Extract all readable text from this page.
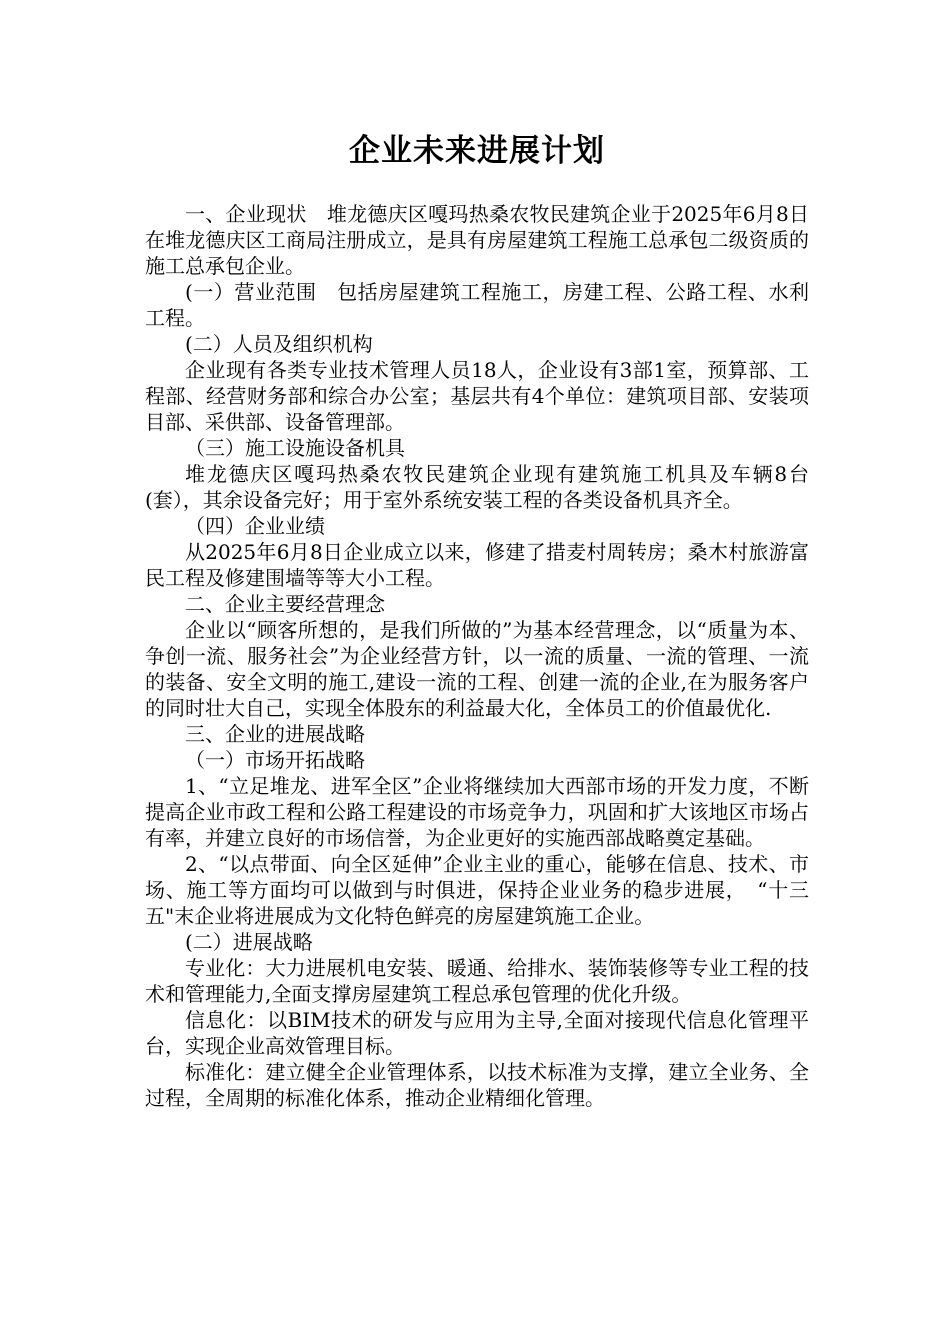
企业未来进展计划

一、企业现状　堆龙德庆区嘎玛热桑农牧民建筑企业于2025年6月8日在堆龙德庆区工商局注册成立，是具有房屋建筑工程施工总承包二级资质的施工总承包企业。

(一）营业范围　包括房屋建筑工程施工，房建工程、公路工程、水利工程。

(二）人员及组织机构

企业现有各类专业技术管理人员18人，企业设有3部1室，预算部、工程部、经营财务部和综合办公室；基层共有4个单位：建筑项目部、安装项目部、采供部、设备管理部。

（三）施工设施设备机具

堆龙德庆区嘎玛热桑农牧民建筑企业现有建筑施工机具及车辆8台(套），其余设备完好；用于室外系统安装工程的各类设备机具齐全。

（四）企业业绩

从2025年6月8日企业成立以来，修建了措麦村周转房；桑木村旅游富民工程及修建围墙等等大小工程。

二、企业主要经营理念

企业以“顾客所想的，是我们所做的”为基本经营理念，以“质量为本、争创一流、服务社会”为企业经营方针，以一流的质量、一流的管理、一流的装备、安全文明的施工,建设一流的工程、创建一流的企业,在为服务客户的同时壮大自己，实现全体股东的利益最大化，全体员工的价值最优化.

三、企业的进展战略

（一）市场开拓战略

1、“立足堆龙、进军全区”企业将继续加大西部市场的开发力度，不断提高企业市政工程和公路工程建设的市场竞争力，巩固和扩大该地区市场占有率，并建立良好的市场信誉，为企业更好的实施西部战略奠定基础。

2、“以点带面、向全区延伸”企业主业的重心，能够在信息、技术、市场、施工等方面均可以做到与时俱进，保持企业业务的稳步进展，　“十三五"末企业将进展成为文化特色鲜亮的房屋建筑施工企业。

(二）进展战略

专业化：大力进展机电安装、暖通、给排水、装饰装修等专业工程的技术和管理能力,全面支撑房屋建筑工程总承包管理的优化升级。

信息化：以BIM技术的研发与应用为主导,全面对接现代信息化管理平台，实现企业高效管理目标。

标准化：建立健全企业管理体系，以技术标准为支撑，建立全业务、全过程，全周期的标准化体系，推动企业精细化管理。
